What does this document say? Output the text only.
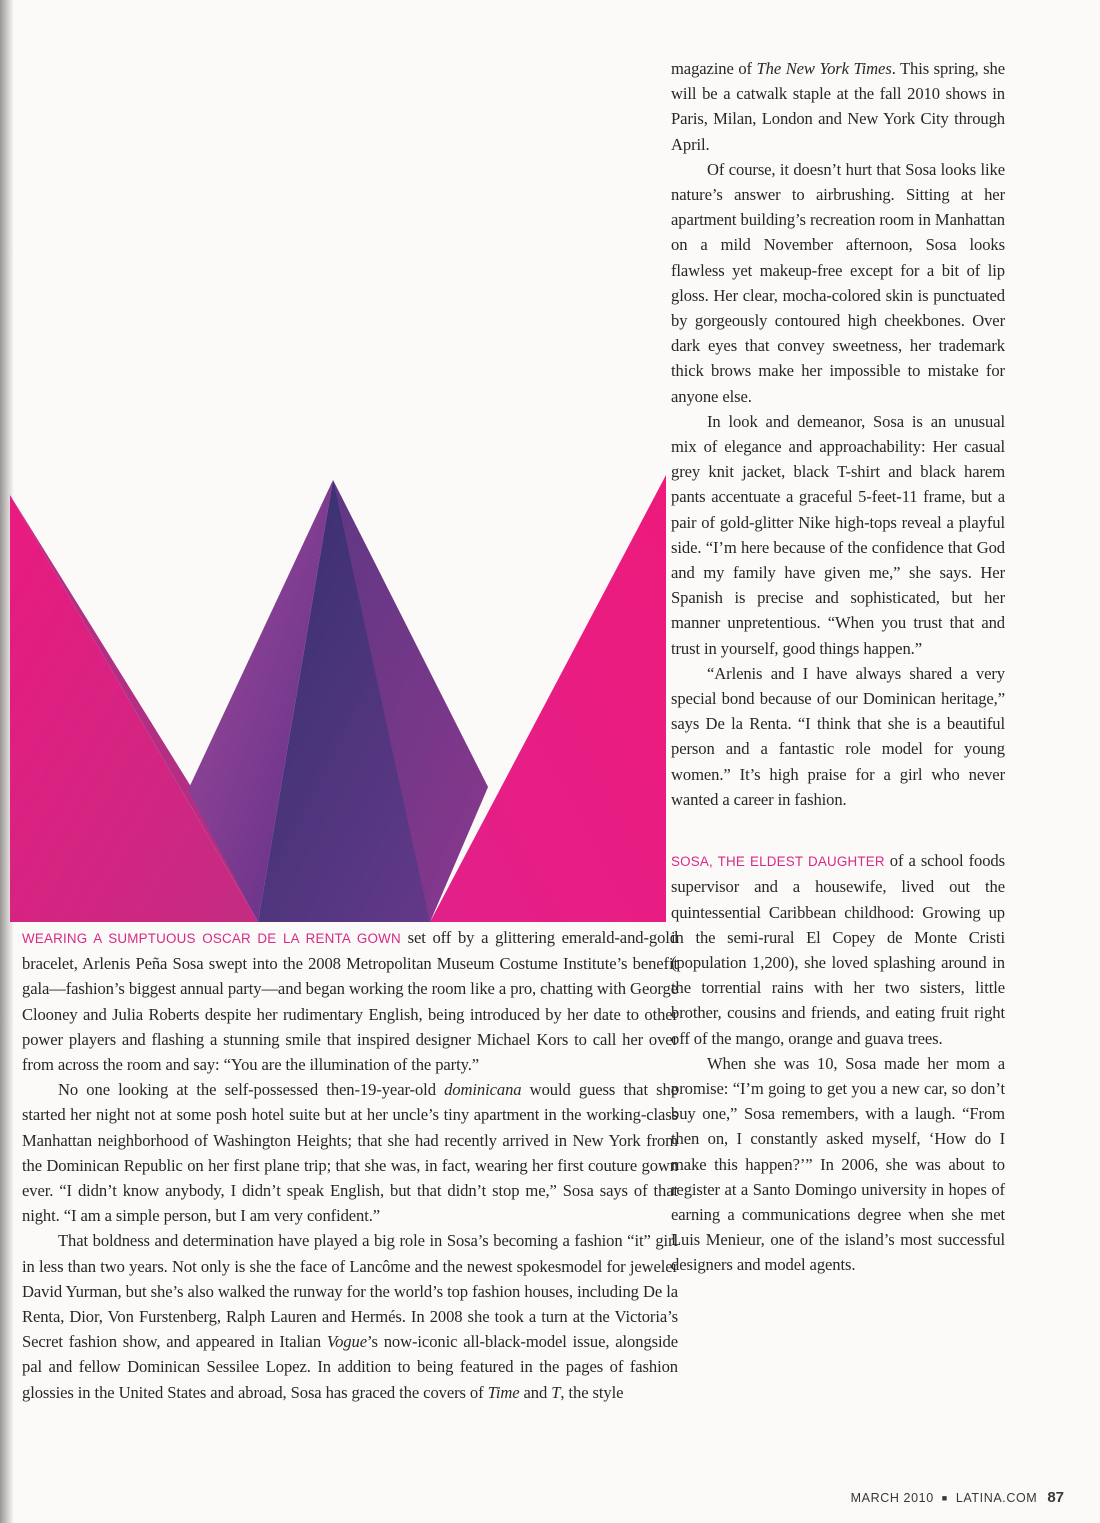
magazine of The New York Times. This spring, she will be a catwalk staple at the fall 2010 shows in Paris, Milan, London and New York City through April.

Of course, it doesn’t hurt that Sosa looks like nature’s answer to airbrushing. Sitting at her apartment building’s recreation room in Manhattan on a mild November afternoon, Sosa looks flawless yet makeup-free except for a bit of lip gloss. Her clear, mocha-colored skin is punctuated by gorgeously contoured high cheekbones. Over dark eyes that convey sweetness, her trademark thick brows make her impossible to mistake for anyone else.

In look and demeanor, Sosa is an unusual mix of elegance and approachability: Her casual grey knit jacket, black T-shirt and black harem pants accentuate a graceful 5-feet-11 frame, but a pair of gold-glitter Nike high-tops reveal a playful side. “I’m here because of the confidence that God and my family have given me,” she says. Her Spanish is precise and sophisticated, but her manner unpretentious. “When you trust that and trust in yourself, good things happen.”

“Arlenis and I have always shared a very special bond because of our Dominican heritage,” says De la Renta. “I think that she is a beautiful person and a fantastic role model for young women.” It’s high praise for a girl who never wanted a career in fashion.

SOSA, THE ELDEST DAUGHTER of a school foods supervisor and a housewife, lived out the quintessential Caribbean childhood: Growing up in the semi-rural El Copey de Monte Cristi (population 1,200), she loved splashing around in the torrential rains with her two sisters, little brother, cousins and friends, and eating fruit right off of the mango, orange and guava trees.

When she was 10, Sosa made her mom a promise: “I’m going to get you a new car, so don’t buy one,” Sosa remembers, with a laugh. “From then on, I constantly asked myself, ‘How do I make this happen?’” In 2006, she was about to register at a Santo Domingo university in hopes of earning a communications degree when she met Luis Menieur, one of the island’s most successful designers and model agents.

WEARING A SUMPTUOUS OSCAR DE LA RENTA GOWN set off by a glittering emerald-and-gold bracelet, Arlenis Peña Sosa swept into the 2008 Metropolitan Museum Costume Institute’s benefit gala—fashion’s biggest annual party—and began working the room like a pro, chatting with George Clooney and Julia Roberts despite her rudimentary English, being introduced by her date to other power players and flashing a stunning smile that inspired designer Michael Kors to call her over from across the room and say: “You are the illumination of the party.”

No one looking at the self-possessed then-19-year-old dominicana would guess that she started her night not at some posh hotel suite but at her uncle’s tiny apartment in the working-class Manhattan neighborhood of Washington Heights; that she had recently arrived in New York from the Dominican Republic on her first plane trip; that she was, in fact, wearing her first couture gown ever. “I didn’t know anybody, I didn’t speak English, but that didn’t stop me,” Sosa says of that night. “I am a simple person, but I am very confident.”

That boldness and determination have played a big role in Sosa’s becoming a fashion “it” girl in less than two years. Not only is she the face of Lancôme and the newest spokesmodel for jeweler David Yurman, but she’s also walked the runway for the world’s top fashion houses, including De la Renta, Dior, Von Furstenberg, Ralph Lauren and Hermés. In 2008 she took a turn at the Victoria’s Secret fashion show, and appeared in Italian Vogue’s now-iconic all-black-model issue, alongside pal and fellow Dominican Sessilee Lopez. In addition to being featured in the pages of fashion glossies in the United States and abroad, Sosa has graced the covers of Time and T, the style

MARCH 2010 ■ LATINA.COM 87
